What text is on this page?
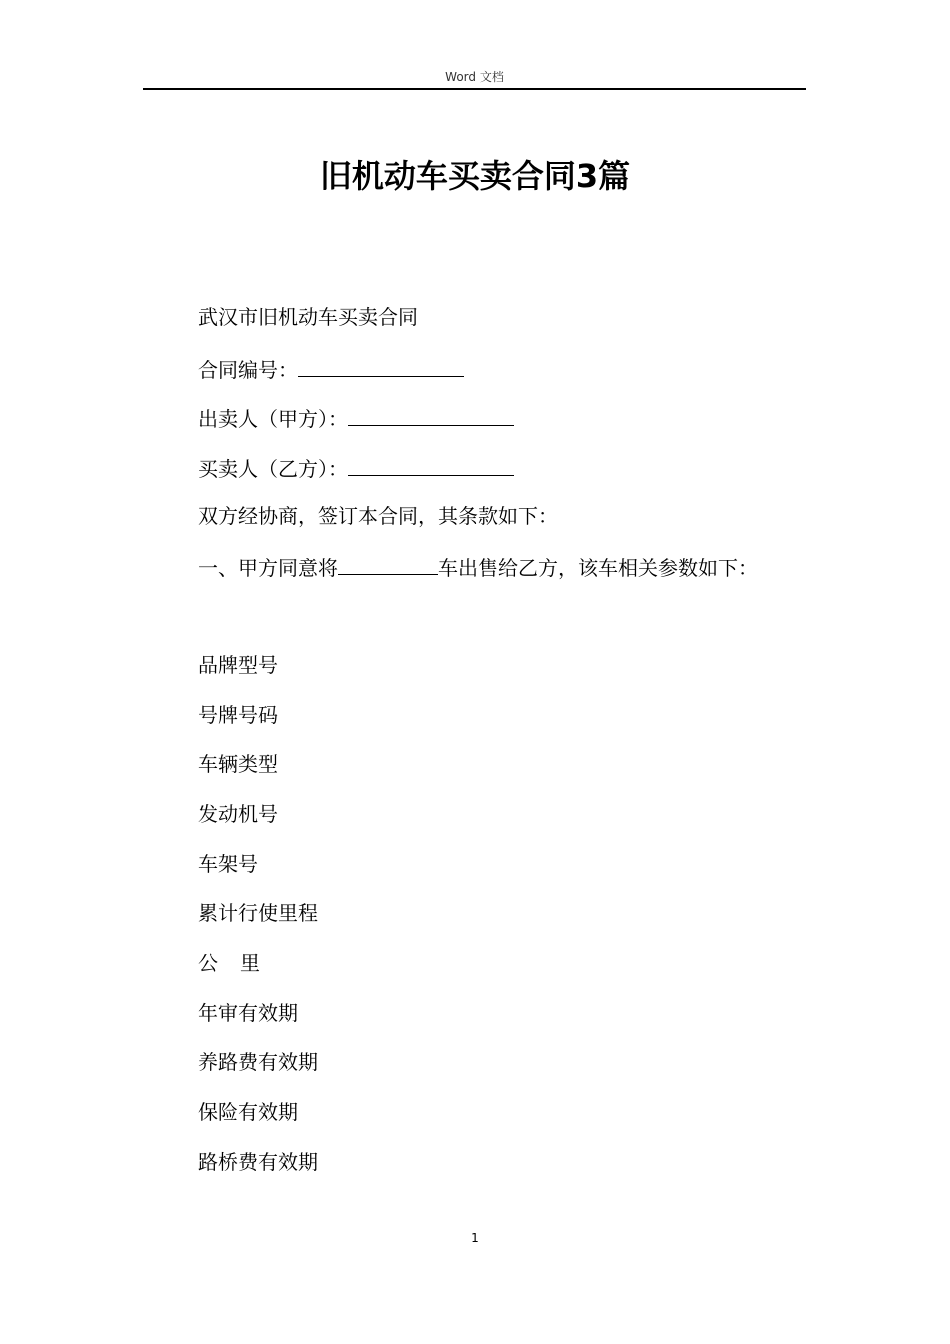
Word 文档
旧机动车买卖合同3篇
武汉市旧机动车买卖合同
合同编号：
出卖人（甲方）：
买卖人（乙方）：
双方经协商，签订本合同，其条款如下：
一、甲方同意将	车出售给乙方，该车相关参数如下：
品牌型号
号牌号码
车辆类型
发动机号
车架号
累计行使里程
公 里
年审有效期
养路费有效期
保险有效期
路桥费有效期
1
